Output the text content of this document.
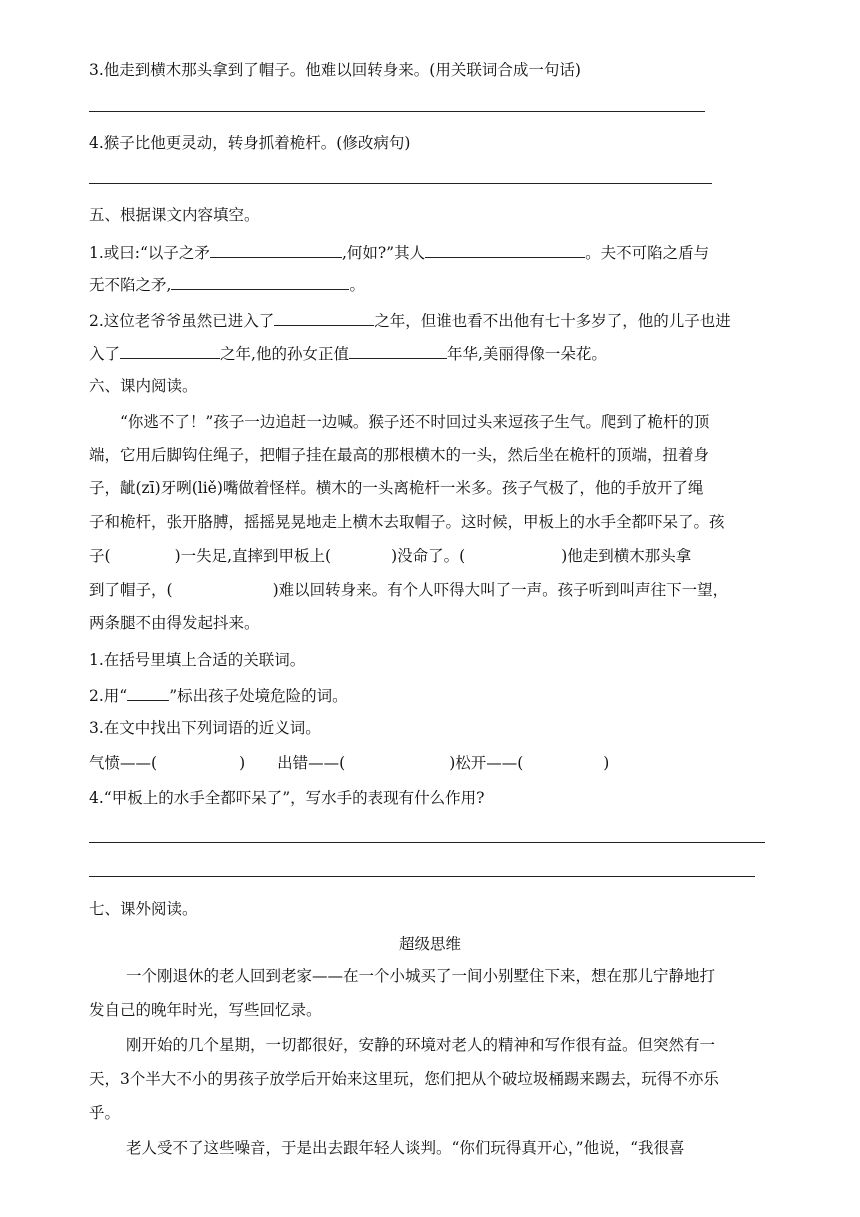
3.他走到横木那头拿到了帽子。他难以回转身来。(用关联词合成一句话)
4.猴子比他更灵动，转身抓着桅杆。(修改病句)
五、根据课文内容填空。
1.或曰:“以子之矛	,何如?”其人	。夫不可陷之盾与
无不陷之矛,	。
2.这位老爷爷虽然已进入了	之年，但谁也看不出他有七十多岁了，他的儿子也进
入了	之年,他的孙女正值	年华,美丽得像一朵花。
六、课内阅读。
“你逃不了！”孩子一边追赶一边喊。猴子还不时回过头来逗孩子生气。爬到了桅杆的顶
端，它用后脚钩住绳子，把帽子挂在最高的那根横木的一头，然后坐在桅杆的顶端，扭着身
子，龇(zī)牙咧(liě)嘴做着怪样。横木的一头离桅杆一米多。孩子气极了，他的手放开了绳
子和桅杆，张开胳膊，摇摇晃晃地走上横木去取帽子。这时候，甲板上的水手全都吓呆了。孩
子(	)一失足,直摔到甲板上(	)没命了。(	)他走到横木那头拿
到了帽子，(	)难以回转身来。有个人吓得大叫了一声。孩子听到叫声往下一望，
两条腿不由得发起抖来。
1.在括号里填上合适的关联词。
2.用“	”标出孩子处境危险的词。
3.在文中找出下列词语的近义词。
气愤——(	) 出错——(	)松开——(	)
4.“甲板上的水手全都吓呆了”，写水手的表现有什么作用?
七、课外阅读。
超级思维
一个刚退休的老人回到老家——在一个小城买了一间小别墅住下来，想在那儿宁静地打
发自己的晚年时光，写些回忆录。
刚开始的几个星期，一切都很好，安静的环境对老人的精神和写作很有益。但突然有一
天，3个半大不小的男孩子放学后开始来这里玩，您们把从个破垃圾桶踢来踢去，玩得不亦乐
乎。
老人受不了这些噪音，于是出去跟年轻人谈判。“你们玩得真开心，”他说，“我很喜
